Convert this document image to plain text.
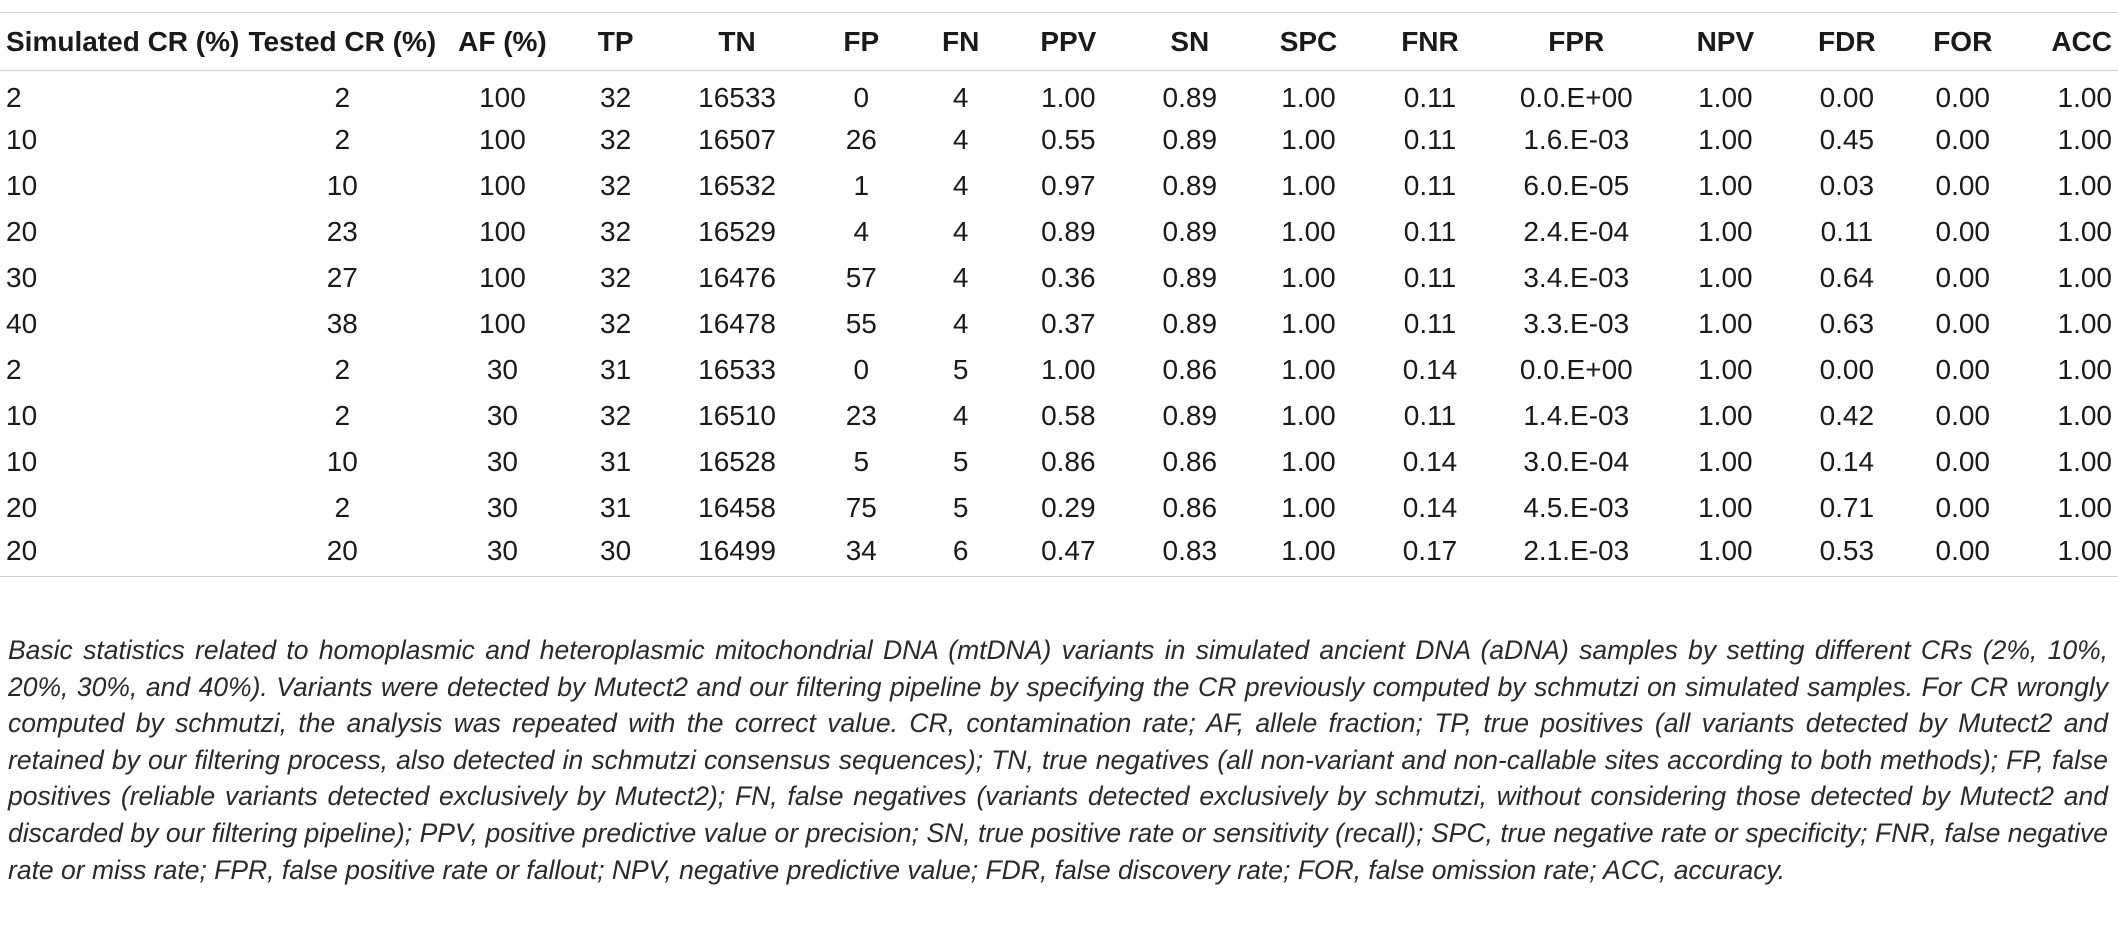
Simulated CR (%)	Tested CR (%)	AF (%)	TP	TN	FP	FN	PPV	SN	SPC	FNR	FPR	NPV	FDR	FOR	ACC
2	2	100	32	16533	0	4	1.00	0.89	1.00	0.11	0.0.E+00	1.00	0.00	0.00	1.00
10	2	100	32	16507	26	4	0.55	0.89	1.00	0.11	1.6.E-03	1.00	0.45	0.00	1.00
10	10	100	32	16532	1	4	0.97	0.89	1.00	0.11	6.0.E-05	1.00	0.03	0.00	1.00
20	23	100	32	16529	4	4	0.89	0.89	1.00	0.11	2.4.E-04	1.00	0.11	0.00	1.00
30	27	100	32	16476	57	4	0.36	0.89	1.00	0.11	3.4.E-03	1.00	0.64	0.00	1.00
40	38	100	32	16478	55	4	0.37	0.89	1.00	0.11	3.3.E-03	1.00	0.63	0.00	1.00
2	2	30	31	16533	0	5	1.00	0.86	1.00	0.14	0.0.E+00	1.00	0.00	0.00	1.00
10	2	30	32	16510	23	4	0.58	0.89	1.00	0.11	1.4.E-03	1.00	0.42	0.00	1.00
10	10	30	31	16528	5	5	0.86	0.86	1.00	0.14	3.0.E-04	1.00	0.14	0.00	1.00
20	2	30	31	16458	75	5	0.29	0.86	1.00	0.14	4.5.E-03	1.00	0.71	0.00	1.00
20	20	30	30	16499	34	6	0.47	0.83	1.00	0.17	2.1.E-03	1.00	0.53	0.00	1.00
Basic statistics related to homoplasmic and heteroplasmic mitochondrial DNA (mtDNA) variants in simulated ancient DNA (aDNA) samples by setting different CRs (2%, 10%, 20%, 30%, and 40%). Variants were detected by Mutect2 and our filtering pipeline by specifying the CR previously computed by schmutzi on simulated samples. For CR wrongly computed by schmutzi, the analysis was repeated with the correct value. CR, contamination rate; AF, allele fraction; TP, true positives (all variants detected by Mutect2 and retained by our filtering process, also detected in schmutzi consensus sequences); TN, true negatives (all non-variant and non-callable sites according to both methods); FP, false positives (reliable variants detected exclusively by Mutect2); FN, false negatives (variants detected exclusively by schmutzi, without considering those detected by Mutect2 and discarded by our filtering pipeline); PPV, positive predictive value or precision; SN, true positive rate or sensitivity (recall); SPC, true negative rate or specificity; FNR, false negative rate or miss rate; FPR, false positive rate or fallout; NPV, negative predictive value; FDR, false discovery rate; FOR, false omission rate; ACC, accuracy.
